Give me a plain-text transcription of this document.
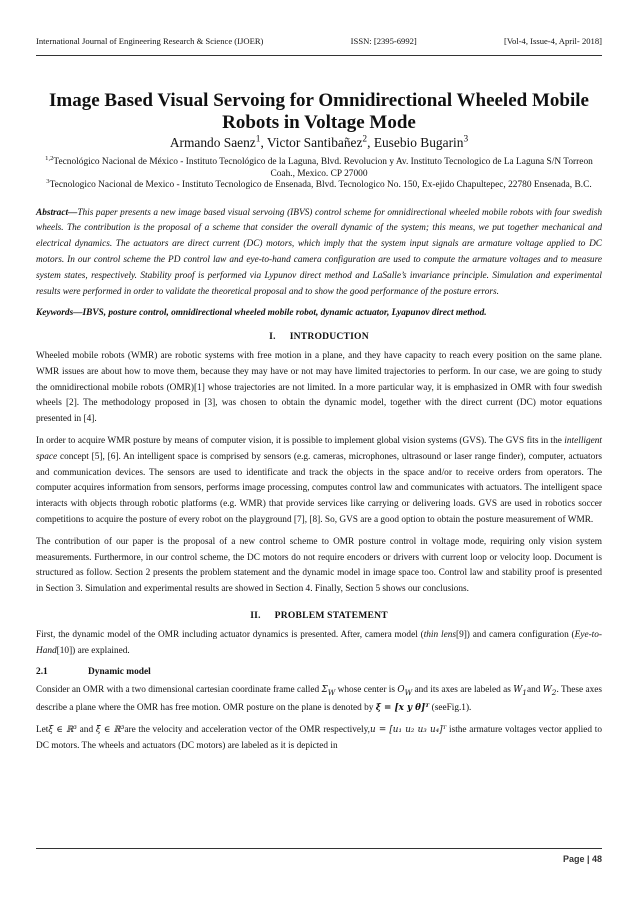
International Journal of Engineering Research & Science (IJOER)	ISSN: [2395-6992]	[Vol-4, Issue-4, April- 2018]
Image Based Visual Servoing for Omnidirectional Wheeled Mobile Robots in Voltage Mode
Armando Saenz$^1$, Victor Santibañez$^2$, Eusebio Bugarin$^3$
$^{1,2}$Tecnológico Nacional de México - Instituto Tecnológico de la Laguna, Blvd. Revolucion y Av. Instituto Tecnologico de La Laguna S/N Torreon Coah., Mexico. CP 27000
$^3$Tecnologico Nacional de Mexico - Instituto Tecnologico de Ensenada, Blvd. Tecnologico No. 150, Ex-ejido Chapultepec, 22780 Ensenada, B.C.
Abstract—This paper presents a new image based visual servoing (IBVS) control scheme for omnidirectional wheeled mobile robots with four swedish wheels. The contribution is the proposal of a scheme that consider the overall dynamic of the system; this means, we put together mechanical and electrical dynamics. The actuators are direct current (DC) motors, which imply that the system input signals are armature voltage applied to DC motors. In our control scheme the PD control law and eye-to-hand camera configuration are used to compute the armature voltages and to measure system states, respectively. Stability proof is performed via Lypunov direct method and LaSalle’s invariance principle. Simulation and experimental results were performed in order to validate the theoretical proposal and to show the good performance of the posture errors.
Keywords—IBVS, posture control, omnidirectional wheeled mobile robot, dynamic actuator, Lyapunov direct method.
I. INTRODUCTION

Wheeled mobile robots (WMR) are robotic systems with free motion in a plane, and they have capacity to reach every position on the same plane. WMR issues are about how to move them, because they may have or not may have limited trajectories to perform. In our case, we are going to study the omnidirectional mobile robots (OMR)[1] whose trajectories are not limited. In a more particular way, it is emphasized in OMR with four swedish wheels [2]. The methodology proposed in [3], was chosen to obtain the dynamic model, together with the direct current (DC) motor equations presented in [4].

In order to acquire WMR posture by means of computer vision, it is possible to implement global vision systems (GVS). The GVS fits in the intelligent space concept [5], [6]. An intelligent space is comprised by sensors (e.g. cameras, microphones, ultrasound or laser range finder), computer, actuators and communication devices. The sensors are used to identificate and track the objects in the space and/or to receive orders from operators. The computer acquires information from sensors, performs image processing, computes control law and communicates with actuators. The intelligent space interacts with objects through robotic platforms (e.g. WMR) that provide services like carrying or delivering loads. GVS are used in robotics soccer competitions to acquire the posture of every robot on the playground [7], [8]. So, GVS are a good option to obtain the posture measurement of WMR.

The contribution of our paper is the proposal of a new control scheme to OMR posture control in voltage mode, requiring only vision system measurements. Furthermore, in our control scheme, the DC motors do not require encoders or drivers with current loop or velocity loop. Document is structured as follow. Section 2 presents the problem statement and the dynamic model in image space too. Control law and stability proof is presented in Section 3. Simulation and experimental results are showed in Section 4. Finally, Section 5 shows our conclusions.

II. PROBLEM STATEMENT

First, the dynamic model of the OMR including actuator dynamics is presented. After, camera model (thin lens[9]) and camera configuration (Eye-to-Hand[10]) are explained.

2.1	Dynamic model

Consider an OMR with a two dimensional cartesian coordinate frame called $\Sigma_W$ whose center is $O_W$ and its axes are labeled as $W_1and$ $W_2$. These axes describe a plane where the OMR has free motion. OMR posture on the plane is denoted by ξ = [x y θ]ᵀ (seeFig.1).

Letξ̇ ∈ ℝ³ and ξ̈ ∈ ℝ³are the velocity and acceleration vector of the OMR respectively,u = [u₁ u₂ u₃ u₄]ᵀ isthe armature voltages vector applied to DC motors. The wheels and actuators (DC motors) are labeled as it is depicted in

Page | 48
